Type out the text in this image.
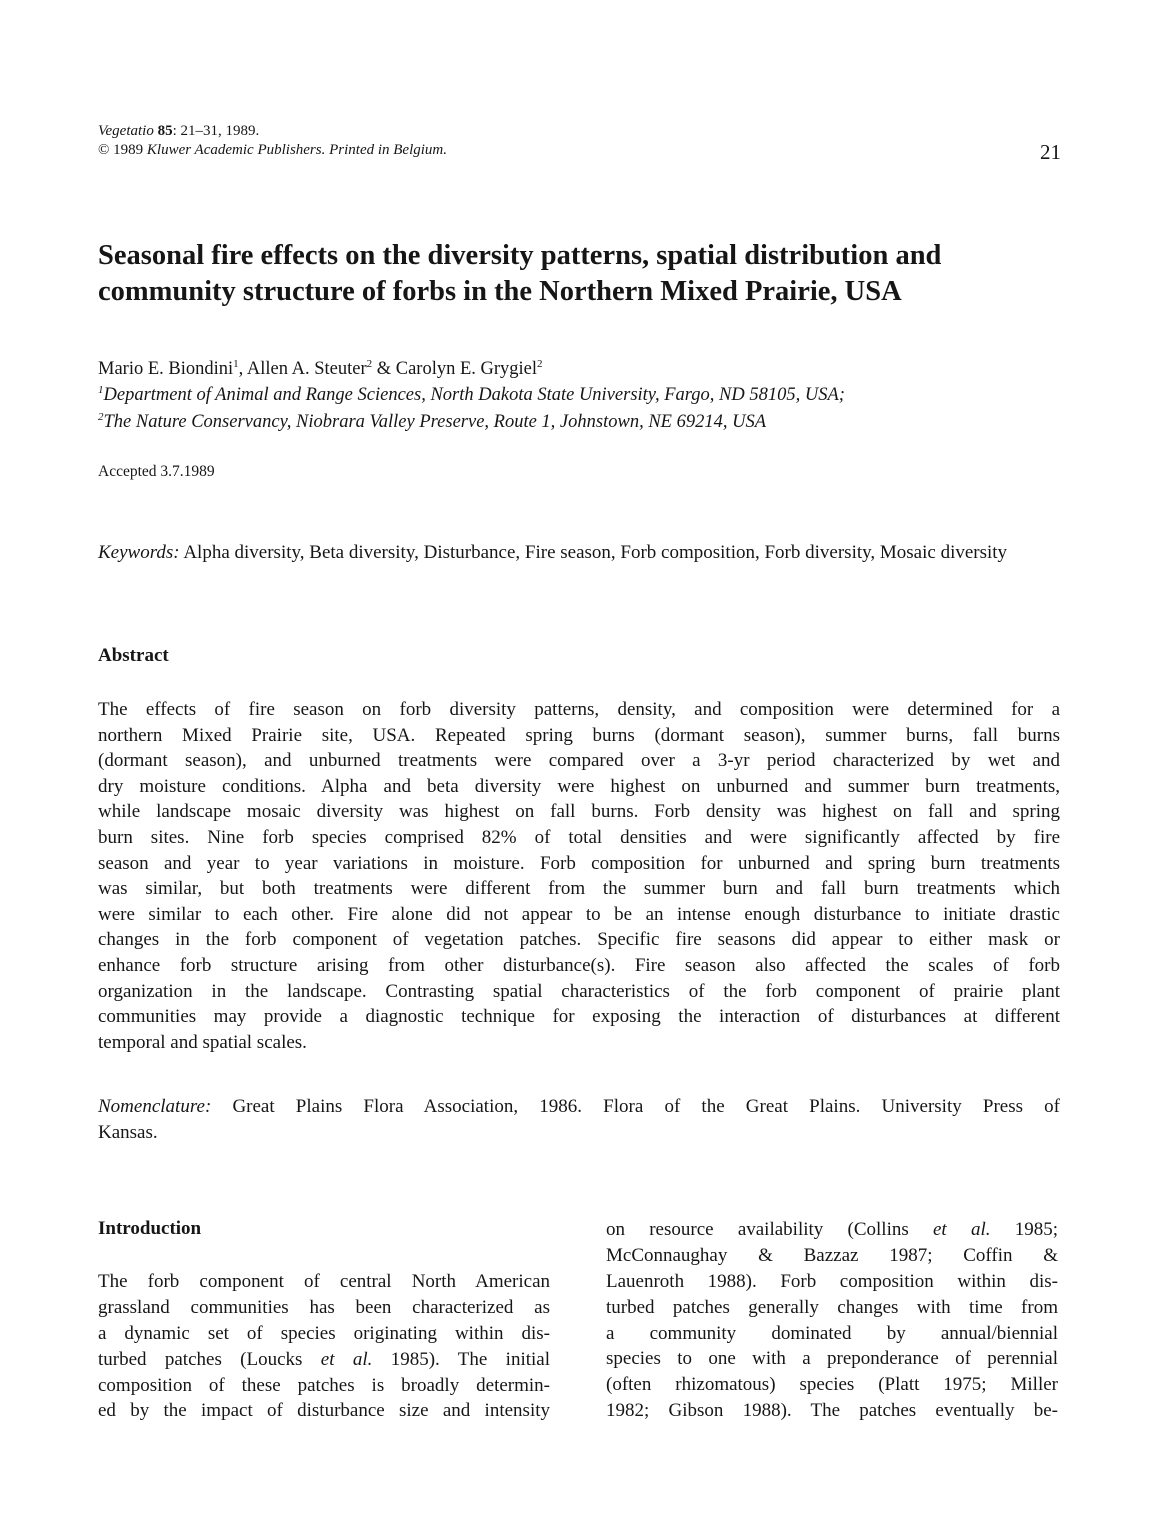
Vegetatio 85: 21–31, 1989.
© 1989 Kluwer Academic Publishers. Printed in Belgium.	21
Seasonal fire effects on the diversity patterns, spatial distribution and community structure of forbs in the Northern Mixed Prairie, USA
Mario E. Biondini$^1$, Allen A. Steuter$^2$ & Carolyn E. Grygiel$^2$
$^1$Department of Animal and Range Sciences, North Dakota State University, Fargo, ND 58105, USA;
$^2$The Nature Conservancy, Niobrara Valley Preserve, Route 1, Johnstown, NE 69214, USA
Accepted 3.7.1989
Keywords: Alpha diversity, Beta diversity, Disturbance, Fire season, Forb composition, Forb diversity, Mosaic diversity
Abstract
The effects of fire season on forb diversity patterns, density, and composition were determined for a
northern Mixed Prairie site, USA. Repeated spring burns (dormant season), summer burns, fall burns
(dormant season), and unburned treatments were compared over a 3-yr period characterized by wet and
dry moisture conditions. Alpha and beta diversity were highest on unburned and summer burn treatments,
while landscape mosaic diversity was highest on fall burns. Forb density was highest on fall and spring
burn sites. Nine forb species comprised 82% of total densities and were significantly affected by fire
season and year to year variations in moisture. Forb composition for unburned and spring burn treatments
was similar, but both treatments were different from the summer burn and fall burn treatments which
were similar to each other. Fire alone did not appear to be an intense enough disturbance to initiate drastic
changes in the forb component of vegetation patches. Specific fire seasons did appear to either mask or
enhance forb structure arising from other disturbance(s). Fire season also affected the scales of forb
organization in the landscape. Contrasting spatial characteristics of the forb component of prairie plant
communities may provide a diagnostic technique for exposing the interaction of disturbances at different
temporal and spatial scales.
Nomenclature: Great Plains Flora Association, 1986. Flora of the Great Plains. University Press of
Kansas.
Introduction
The forb component of central North American
grassland communities has been characterized as
a dynamic set of species originating within dis-
turbed patches (Loucks et al. 1985). The initial
composition of these patches is broadly determin-
ed by the impact of disturbance size and intensity
on resource availability (Collins et al. 1985;
McConnaughay & Bazzaz 1987; Coffin &
Lauenroth 1988). Forb composition within dis-
turbed patches generally changes with time from
a community dominated by annual/biennial
species to one with a preponderance of perennial
(often rhizomatous) species (Platt 1975; Miller
1982; Gibson 1988). The patches eventually be-
